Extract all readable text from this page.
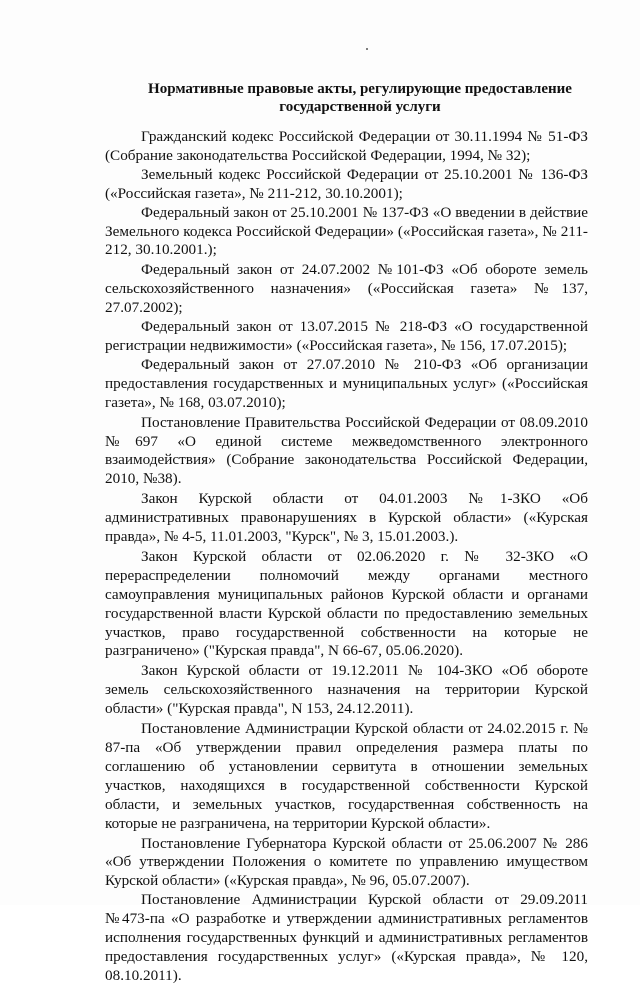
Нормативные правовые акты, регулирующие предоставление
государственной услуги

Гражданский кодекс Российской Федерации от 30.11.1994 № 51-ФЗ (Собрание законодательства Российской Федерации, 1994, № 32);

Земельный кодекс Российской Федерации от 25.10.2001 № 136-ФЗ («Российская газета», № 211-212, 30.10.2001);

Федеральный закон от 25.10.2001 № 137-ФЗ «О введении в действие Земельного кодекса Российской Федерации» («Российская газета», № 211-212, 30.10.2001.);

Федеральный закон от 24.07.2002 №101-ФЗ «Об обороте земель сельскохозяйственного назначения» («Российская газета» №137, 27.07.2002);

Федеральный закон от 13.07.2015 № 218-ФЗ «О государственной регистрации недвижимости» («Российская газета», № 156, 17.07.2015);

Федеральный закон от 27.07.2010 № 210-ФЗ «Об организации предоставления государственных и муниципальных услуг» («Российская газета», № 168, 03.07.2010);

Постановление Правительства Российской Федерации от 08.09.2010 №697 «О единой системе межведомственного электронного взаимодействия» (Собрание законодательства Российской Федерации, 2010, №38).

Закон Курской области от 04.01.2003 №1-ЗКО «Об административных правонарушениях в Курской области» («Курская правда», № 4-5, 11.01.2003, "Курск", № 3, 15.01.2003.).

Закон Курской области от 02.06.2020 г. № 32-ЗКО «О перераспределении полномочий между органами местного самоуправления муниципальных районов Курской области и органами государственной власти Курской области по предоставлению земельных участков, право государственной собственности на которые не разграничено» ("Курская правда", N 66-67, 05.06.2020).

Закон Курской области от 19.12.2011 № 104-ЗКО «Об обороте земель сельскохозяйственного назначения на территории Курской области» ("Курская правда", N 153, 24.12.2011).

Постановление Администрации Курской области от 24.02.2015 г. № 87-па «Об утверждении правил определения размера платы по соглашению об установлении сервитута в отношении земельных участков, находящихся в государственной собственности Курской области, и земельных участков, государственная собственность на которые не разграничена, на территории Курской области».

Постановление Губернатора Курской области от 25.06.2007 № 286 «Об утверждении Положения о комитете по управлению имуществом Курской области» («Курская правда», № 96, 05.07.2007).

Постановление Администрации Курской области от 29.09.2011 №473-па «О разработке и утверждении административных регламентов исполнения государственных функций и административных регламентов предоставления государственных услуг» («Курская правда», № 120, 08.10.2011).
